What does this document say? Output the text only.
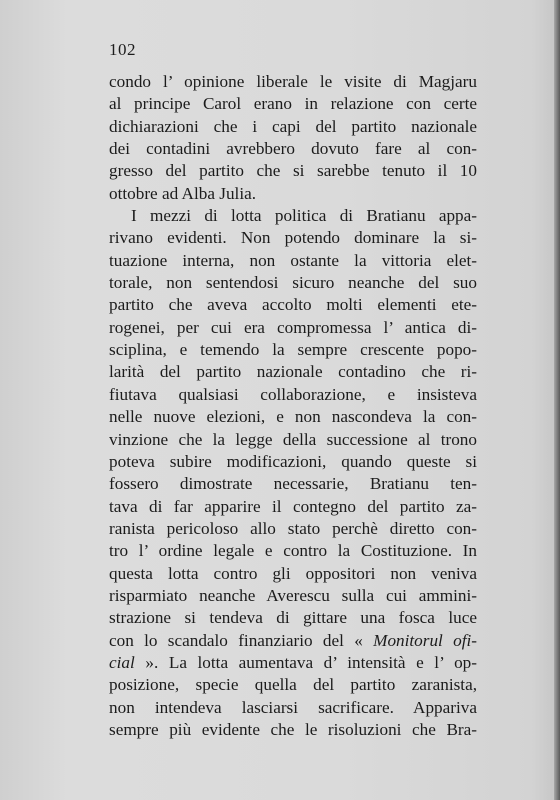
102
condo l’ opinione liberale le visite di Magjaru
al principe Carol erano in relazione con certe
dichiarazioni che i capi del partito nazionale
dei contadini avrebbero dovuto fare al con-
gresso del partito che si sarebbe tenuto il 10
ottobre ad Alba Julia.
I mezzi di lotta politica di Bratianu appa-
rivano evidenti. Non potendo dominare la si-
tuazione interna, non ostante la vittoria elet-
torale, non sentendosi sicuro neanche del suo
partito che aveva accolto molti elementi ete-
rogenei, per cui era compromessa l’ antica di-
sciplina, e temendo la sempre crescente popo-
larità del partito nazionale contadino che ri-
fiutava qualsiasi collaborazione, e insisteva
nelle nuove elezioni, e non nascondeva la con-
vinzione che la legge della successione al trono
poteva subire modificazioni, quando queste si
fossero dimostrate necessarie, Bratianu ten-
tava di far apparire il contegno del partito za-
ranista pericoloso allo stato perchè diretto con-
tro l’ ordine legale e contro la Costituzione. In
questa lotta contro gli oppositori non veniva
risparmiato neanche Averescu sulla cui ammini-
strazione si tendeva di gittare una fosca luce
con lo scandalo finanziario del « Monitorul ofi-
cial ». La lotta aumentava d’ intensità e l’ op-
posizione, specie quella del partito zaranista,
non intendeva lasciarsi sacrificare. Appariva
sempre più evidente che le risoluzioni che Bra-
